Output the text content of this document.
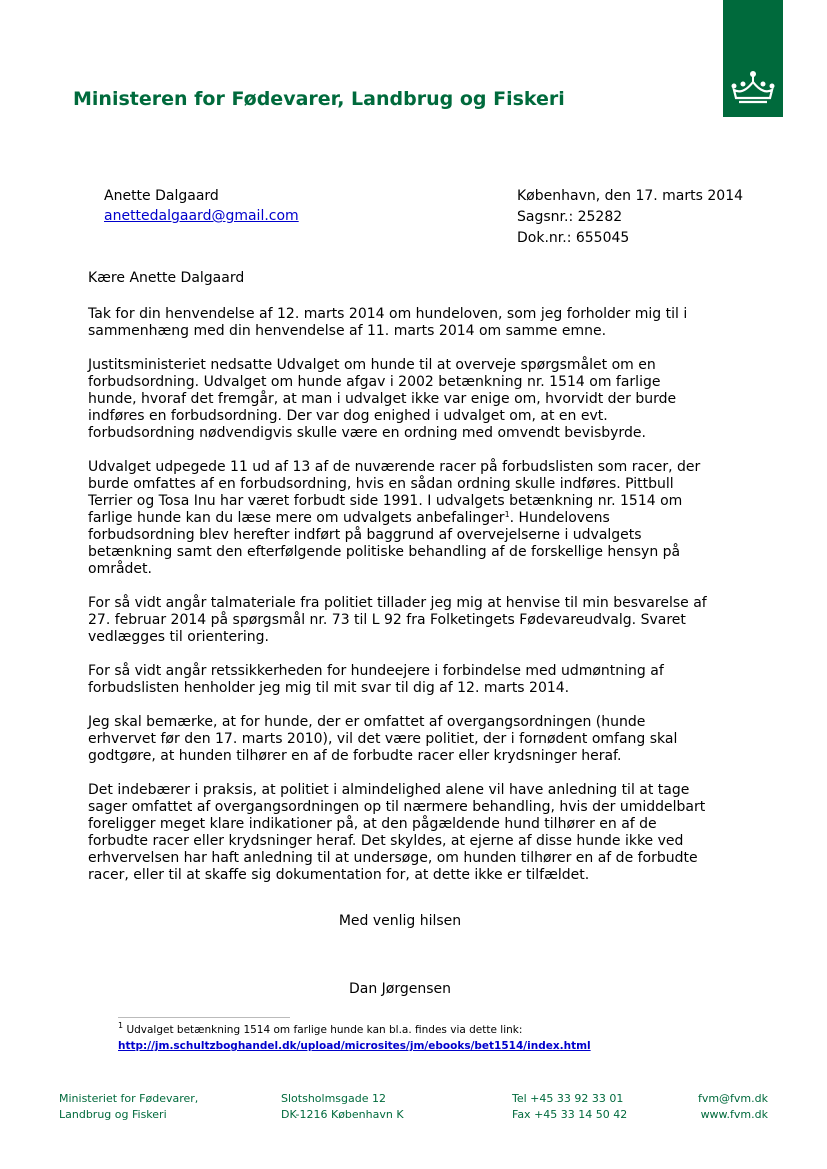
Ministeren for Fødevarer, Landbrug og Fiskeri
Anette Dalgaard
anettedalgaard@gmail.com
København, den 17. marts 2014
Sagsnr.: 25282
Dok.nr.: 655045

Kære Anette Dalgaard

Tak for din henvendelse af 12. marts 2014 om hundeloven, som jeg forholder mig til i sammenhæng med din henvendelse af 11. marts 2014 om samme emne.

Justitsministeriet nedsatte Udvalget om hunde til at overveje spørgsmålet om en forbudsordning. Udvalget om hunde afgav i 2002 betænkning nr. 1514 om farlige hunde, hvoraf det fremgår, at man i udvalget ikke var enige om, hvorvidt der burde indføres en forbudsordning. Der var dog enighed i udvalget om, at en evt. forbudsordning nødvendigvis skulle være en ordning med omvendt bevisbyrde.

Udvalget udpegede 11 ud af 13 af de nuværende racer på forbudslisten som racer, der burde omfattes af en forbudsordning, hvis en sådan ordning skulle indføres. Pittbull Terrier og Tosa Inu har været forbudt side 1991. I udvalgets betænkning nr. 1514 om farlige hunde kan du læse mere om udvalgets anbefalinger$^1$. Hundelovens forbudsordning blev herefter indført på baggrund af overvejelserne i udvalgets betænkning samt den efterfølgende politiske behandling af de forskellige hensyn på området.

For så vidt angår talmateriale fra politiet tillader jeg mig at henvise til min besvarelse af 27. februar 2014 på spørgsmål nr. 73 til L 92 fra Folketingets Fødevareudvalg. Svaret vedlægges til orientering.

For så vidt angår retssikkerheden for hundeejere i forbindelse med udmøntning af forbudslisten henholder jeg mig til mit svar til dig af 12. marts 2014.

Jeg skal bemærke, at for hunde, der er omfattet af overgangsordningen (hunde erhvervet før den 17. marts 2010), vil det være politiet, der i fornødent omfang skal godtgøre, at hunden tilhører en af de forbudte racer eller krydsninger heraf.

Det indebærer i praksis, at politiet i almindelighed alene vil have anledning til at tage sager omfattet af overgangsordningen op til nærmere behandling, hvis der umiddelbart foreligger meget klare indikationer på, at den pågældende hund tilhører en af de forbudte racer eller krydsninger heraf. Det skyldes, at ejerne af disse hunde ikke ved erhvervelsen har haft anledning til at undersøge, om hunden tilhører en af de forbudte racer, eller til at skaffe sig dokumentation for, at dette ikke er tilfældet.

Med venlig hilsen
Dan Jørgensen
$^1$ Udvalget betænkning 1514 om farlige hunde kan bl.a. findes via dette link:
http://jm.schultzboghandel.dk/upload/microsites/jm/ebooks/bet1514/index.html
Ministeriet for Fødevarer,
Landbrug og Fiskeri
Slotsholmsgade 12
DK-1216 København K
Tel +45 33 92 33 01
Fax +45 33 14 50 42
fvm@fvm.dk
www.fvm.dk
